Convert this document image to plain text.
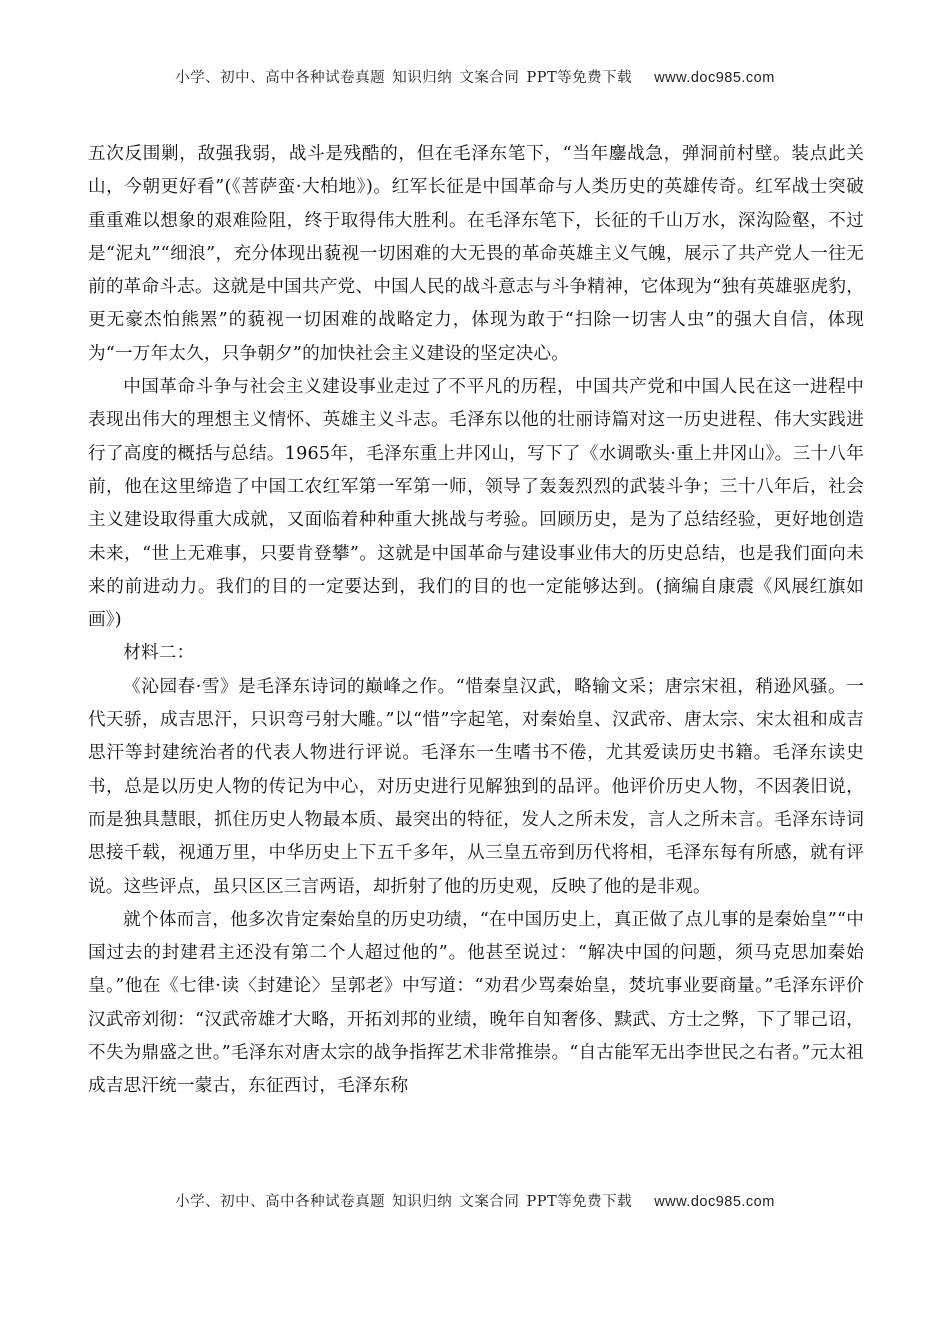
小学、初中、高中各种试卷真题 知识归纳 文案合同 PPT等免费下载 www.doc985.com

五次反围剿，敌强我弱，战斗是残酷的，但在毛泽东笔下，“当年鏖战急，弹洞前村壁。装点此关山，今朝更好看”(《菩萨蛮·大柏地》)。红军长征是中国革命与人类历史的英雄传奇。红军战士突破重重难以想象的艰难险阻，终于取得伟大胜利。在毛泽东笔下，长征的千山万水，深沟险壑，不过是“泥丸”“细浪”，充分体现出藐视一切困难的大无畏的革命英雄主义气魄，展示了共产党人一往无前的革命斗志。这就是中国共产党、中国人民的战斗意志与斗争精神，它体现为“独有英雄驱虎豹，更无豪杰怕熊罴”的藐视一切困难的战略定力，体现为敢于“扫除一切害人虫”的强大自信，体现为“一万年太久，只争朝夕”的加快社会主义建设的坚定决心。

中国革命斗争与社会主义建设事业走过了不平凡的历程，中国共产党和中国人民在这一进程中表现出伟大的理想主义情怀、英雄主义斗志。毛泽东以他的壮丽诗篇对这一历史进程、伟大实践进行了高度的概括与总结。1965年，毛泽东重上井冈山，写下了《水调歌头·重上井冈山》。三十八年前，他在这里缔造了中国工农红军第一军第一师，领导了轰轰烈烈的武装斗争；三十八年后，社会主义建设取得重大成就，又面临着种种重大挑战与考验。回顾历史，是为了总结经验，更好地创造未来，“世上无难事，只要肯登攀”。这就是中国革命与建设事业伟大的历史总结，也是我们面向未来的前进动力。我们的目的一定要达到，我们的目的也一定能够达到。(摘编自康震《风展红旗如画》)

材料二：

《沁园春·雪》是毛泽东诗词的巅峰之作。“惜秦皇汉武，略输文采；唐宗宋祖，稍逊风骚。一代天骄，成吉思汗，只识弯弓射大雕。”以“惜”字起笔，对秦始皇、汉武帝、唐太宗、宋太祖和成吉思汗等封建统治者的代表人物进行评说。毛泽东一生嗜书不倦，尤其爱读历史书籍。毛泽东读史书，总是以历史人物的传记为中心，对历史进行见解独到的品评。他评价历史人物，不因袭旧说，而是独具慧眼，抓住历史人物最本质、最突出的特征，发人之所未发，言人之所未言。毛泽东诗词思接千载，视通万里，中华历史上下五千多年，从三皇五帝到历代将相，毛泽东每有所感，就有评说。这些评点，虽只区区三言两语，却折射了他的历史观，反映了他的是非观。

就个体而言，他多次肯定秦始皇的历史功绩，“在中国历史上，真正做了点儿事的是秦始皇”“中国过去的封建君主还没有第二个人超过他的”。他甚至说过：“解决中国的问题，须马克思加秦始皇。”他在《七律·读〈封建论〉呈郭老》中写道：“劝君少骂秦始皇，焚坑事业要商量。”毛泽东评价汉武帝刘彻：“汉武帝雄才大略，开拓刘邦的业绩，晚年自知奢侈、黩武、方士之弊，下了罪己诏，不失为鼎盛之世。”毛泽东对唐太宗的战争指挥艺术非常推崇。“自古能军无出李世民之右者。”元太祖成吉思汗统一蒙古，东征西讨，毛泽东称

小学、初中、高中各种试卷真题 知识归纳 文案合同 PPT等免费下载 www.doc985.com
